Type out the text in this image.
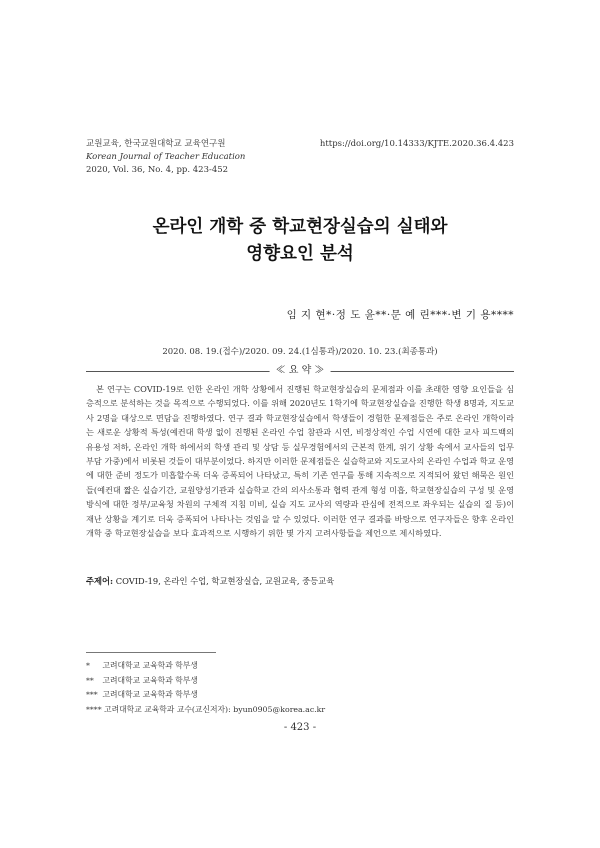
교원교육, 한국교원대학교 교육연구원
Korean Journal of Teacher Education
2020, Vol. 36, No. 4, pp. 423-452
https://doi.org/10.14333/KJTE.2020.36.4.423
온라인 개학 중 학교현장실습의 실태와
영향요인 분석
임 지 현*·정 도 윤**·문 예 린***·변 기 용****
2020. 08. 19.(접수)/2020. 09. 24.(1심통과)/2020. 10. 23.(최종통과)
≪ 요 약 ≫

본 연구는 COVID-19로 인한 온라인 개학 상황에서 진행된 학교현장실습의 문제점과 이를 초래한 영향 요인들을 심층적으로 분석하는 것을 목적으로 수행되었다. 이를 위해 2020년도 1학기에 학교현장실습을 진행한 학생 8명과, 지도교사 2명을 대상으로 면담을 진행하였다. 연구 결과 학교현장실습에서 학생들이 경험한 문제점들은 주로 온라인 개학이라는 새로운 상황적 특성(예컨대 학생 없이 진행된 온라인 수업 참관과 시연, 비정상적인 수업 시연에 대한 교사 피드백의 유용성 저하, 온라인 개학 하에서의 학생 관리 및 상담 등 실무경험에서의 근본적 한계, 위기 상황 속에서 교사들의 업무 부담 가중)에서 비롯된 것들이 대부분이었다. 하지만 이러한 문제점들은 실습학교와 지도교사의 온라인 수업과 학교 운영에 대한 준비 정도가 미흡할수록 더욱 증폭되어 나타났고, 특히 기존 연구를 통해 지속적으로 지적되어 왔던 해묵은 원인들(예컨대 짧은 실습기간, 교원양성기관과 실습학교 간의 의사소통과 협력 관계 형성 미흡, 학교현장실습의 구성 및 운영방식에 대한 정부/교육청 차원의 구체적 지침 미비, 실습 지도 교사의 역량과 관심에 전적으로 좌우되는 실습의 질 등)이 재난 상황을 계기로 더욱 증폭되어 나타나는 것임을 알 수 있었다. 이러한 연구 결과를 바탕으로 연구자들은 향후 온라인 개학 중 학교현장실습을 보다 효과적으로 시행하기 위한 몇 가지 고려사항들을 제언으로 제시하였다.

주제어: COVID-19, 온라인 수업, 학교현장실습, 교원교육, 중등교육
* 고려대학교 교육학과 학부생
** 고려대학교 교육학과 학부생
*** 고려대학교 교육학과 학부생
**** 고려대학교 교육학과 교수(교신저자): byun0905@korea.ac.kr
- 423 -
